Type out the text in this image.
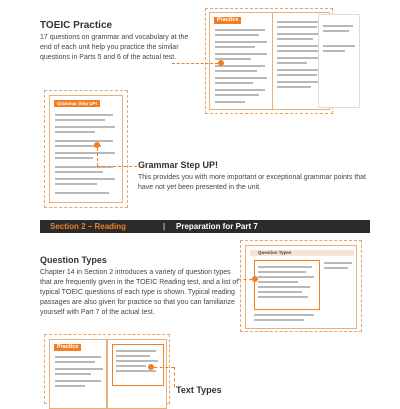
TOEIC Practice
17 questions on grammar and vocabulary at the end of each unit help you practice the similar questions in Parts 5 and 6 of the actual test.
Practice
Grammar Step UP!
Grammar Step UP!
This provides you with more important or exceptional grammar points that have not yet been presented in the unit.
Section 2 – Reading	| Preparation for Part 7
Question Types
Chapter 14 in Section 2 introduces a variety of question types that are frequently given in the TOEIC Reading test, and a list of typical TOEIC questions of each type is shown. Typical reading passages are also given for practice so that you can familiarize yourself with Part 7 of the actual test.
Question Types
Practice
Text Types
